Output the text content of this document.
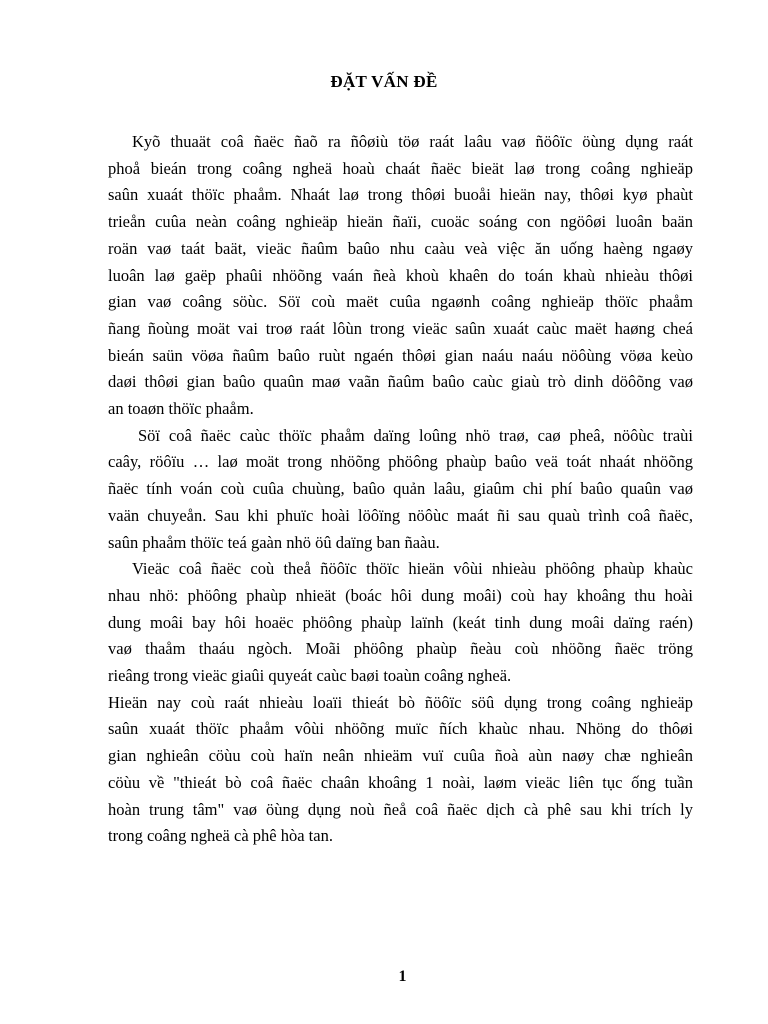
ĐẶT VẤN ĐỀ

Kyõ thuaät coâ ñaëc ñaõ ra ñôøiù töø raát laâu vaø ñöôïc öùng dụng raát
phoå bieán trong coâng ngheä hoaù chaát ñaëc bieät laø trong coâng nghieäp
saûn xuaát thöïc phaåm. Nhaát laø trong thôøi buoåi hieän nay, thôøi kyø phaùt
trieån cuûa neàn coâng nghieäp hieän ñaïi, cuoäc soáng con ngöôøi luoân baän
roän vaø taát baät, vieäc ñaûm baûo nhu caàu veà việc ăn uống haèng ngaøy
luoân laø gaëp phaûi nhöõng vaán ñeà khoù khaên do toán khaù nhieàu thôøi
gian vaø coâng söùc. Söï coù maët cuûa ngaønh coâng nghieäp thöïc phaåm
ñang ñoùng moät vai troø raát lôùn trong vieäc saûn xuaát caùc maët haøng cheá
bieán saün vöøa ñaûm baûo ruùt ngaén thôøi gian naáu naáu nöôùng vöøa keùo
daøi thôøi gian baûo quaûn maø vaãn ñaûm baûo caùc giaù trò dinh döôõng vaø
an toaøn thöïc phaåm.

Söï coâ ñaëc caùc thöïc phaåm daïng loûng nhö traø, caø pheâ, nöôùc traùi
caây, röôïu … laø moät trong nhöõng phöông phaùp baûo veä toát nhaát nhöõng
ñaëc tính voán coù cuûa chuùng, baûo quản laâu, giaûm chi phí baûo quaûn vaø
vaän chuyeån. Sau khi phuïc hoài löôïng nöôùc maát ñi sau quaù trình coâ ñaëc,
saûn phaåm thöïc teá gaàn nhö öû daïng ban ñaàu.

Vieäc coâ ñaëc coù theå ñöôïc thöïc hieän vôùi nhieàu phöông phaùp khaùc
nhau nhö: phöông phaùp nhieät (boác hôi dung moâi) coù hay khoâng thu hoài
dung moâi bay hôi hoaëc phöông phaùp laïnh (keát tinh dung moâi daïng raén)
vaø thaåm thaáu ngòch. Moãi phöông phaùp ñeàu coù nhöõng ñaëc tröng
rieâng trong vieäc giaûi quyeát caùc baøi toaùn coâng ngheä.

Hieän nay coù raát nhieàu loaïi thieát bò ñöôïc söû dụng trong coâng nghieäp
saûn xuaát thöïc phaåm vôùi nhöõng muïc ñích khaùc nhau. Nhöng do thôøi
gian nghieân cöùu coù haïn neân nhieäm vuï cuûa ñoà aùn naøy chæ nghieân
cöùu về "thieát bò coâ ñaëc chaân khoâng 1 noài, laøm vieäc liên tục ống tuần
hoàn trung tâm" vaø öùng dụng noù ñeå coâ ñaëc dịch cà phê sau khi trích ly
trong coâng ngheä cà phê hòa tan.

1
